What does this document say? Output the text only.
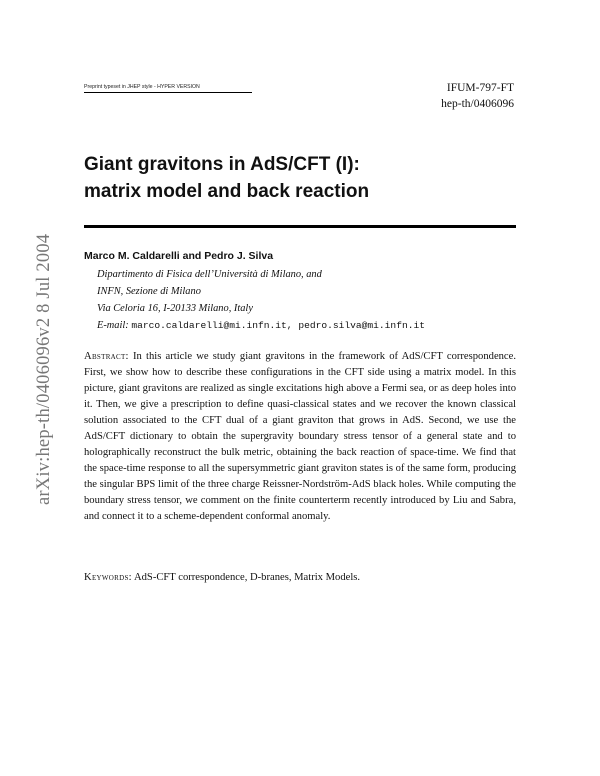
arXiv:hep-th/0406096v2 8 Jul 2004
Preprint typeset in JHEP style - HYPER VERSION	IFUM-797-FT
hep-th/0406096
Giant gravitons in AdS/CFT (I):
matrix model and back reaction
Marco M. Caldarelli and Pedro J. Silva
Dipartimento di Fisica dell’Università di Milano, and
INFN, Sezione di Milano
Via Celoria 16, I-20133 Milano, Italy
E-mail: marco.caldarelli@mi.infn.it, pedro.silva@mi.infn.it

Abstract: In this article we study giant gravitons in the framework of AdS/CFT correspondence. First, we show how to describe these configurations in the CFT side using a matrix model. In this picture, giant gravitons are realized as single excitations high above a Fermi sea, or as deep holes into it. Then, we give a prescription to define quasi-classical states and we recover the known classical solution associated to the CFT dual of a giant graviton that grows in AdS. Second, we use the AdS/CFT dictionary to obtain the supergravity boundary stress tensor of a general state and to holographically reconstruct the bulk metric, obtaining the back reaction of space-time. We find that the space-time response to all the supersymmetric giant graviton states is of the same form, producing the singular BPS limit of the three charge Reissner-Nordström-AdS black holes. While computing the boundary stress tensor, we comment on the finite counterterm recently introduced by Liu and Sabra, and connect it to a scheme-dependent conformal anomaly.

Keywords: AdS-CFT correspondence, D-branes, Matrix Models.
